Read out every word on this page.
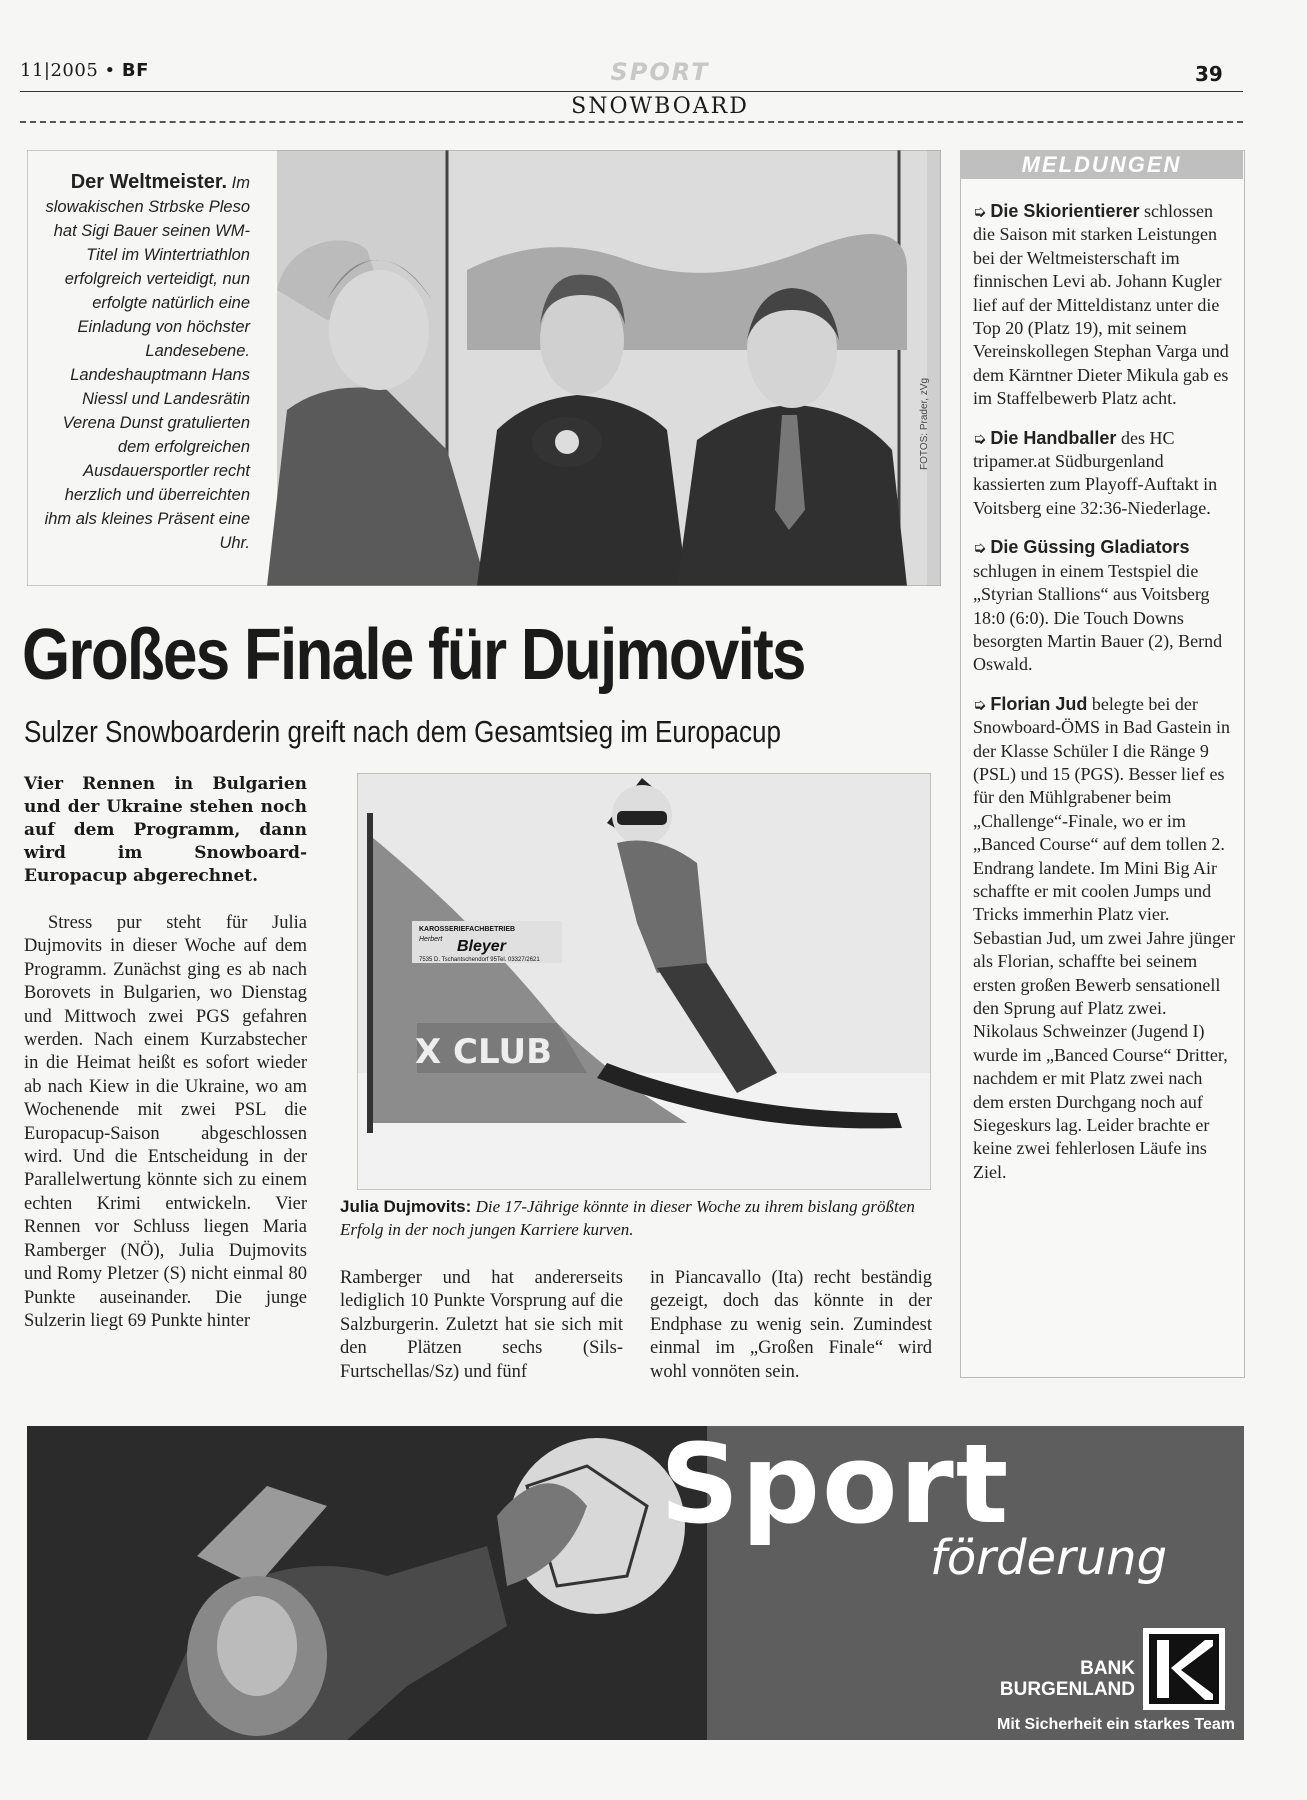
11|2005 • BF	SPORT	39
SNOWBOARD
Der Weltmeister. Im slowakischen Strbske Pleso hat Sigi Bauer seinen WM-Titel im Wintertriathlon erfolgreich verteidigt, nun erfolgte natürlich eine Einladung von höchster Landesebene. Landeshauptmann Hans Niessl und Landesrätin Verena Dunst gratulierten dem erfolgreichen Ausdauersportler recht herzlich und überreichten ihm als kleines Präsent eine Uhr.
FOTOS: Prader, zVg
Großes Finale für Dujmovits
Sulzer Snowboarderin greift nach dem Gesamtsieg im Europacup
Vier Rennen in Bulgarien und der Ukraine stehen noch auf dem Programm, dann wird im Snowboard-Europacup abgerechnet.
Stress pur steht für Julia Dujmovits in dieser Woche auf dem Programm. Zunächst ging es ab nach Borovets in Bulgarien, wo Dienstag und Mittwoch zwei PGS gefahren werden. Nach einem Kurzabstecher in die Heimat heißt es sofort wieder ab nach Kiew in die Ukraine, wo am Wochenende mit zwei PSL die Europacup-Saison abgeschlossen wird. Und die Entscheidung in der Parallelwertung könnte sich zu einem echten Krimi entwickeln. Vier Rennen vor Schluss liegen Maria Ramberger (NÖ), Julia Dujmovits und Romy Pletzer (S) nicht einmal 80 Punkte auseinander. Die junge Sulzerin liegt 69 Punkte hinter
Ramberger und hat andererseits lediglich 10 Punkte Vorsprung auf die Salzburgerin. Zuletzt hat sie sich mit den Plätzen sechs (Sils-Furtschellas/Sz) und fünf
in Piancavallo (Ita) recht beständig gezeigt, doch das könnte in der Endphase zu wenig sein. Zumindest einmal im „Großen Finale“ wird wohl vonnöten sein.
KAROSSERIEFACHBETRIEB
Herbert Bleyer
7535 D. Tschantschendorf 95 Tel. 03327/2621
X CLUB
Julia Dujmovits: Die 17-Jährige könnte in dieser Woche zu ihrem bislang größten Erfolg in der noch jungen Karriere kurven.
MELDUNGEN

➭ Die Skiorientierer schlossen die Saison mit starken Leistungen bei der Weltmeisterschaft im finnischen Levi ab. Johann Kugler lief auf der Mitteldistanz unter die Top 20 (Platz 19), mit seinem Vereinskollegen Stephan Varga und dem Kärntner Dieter Mikula gab es im Staffelbewerb Platz acht.

➭ Die Handballer des HC tripamer.at Südburgenland kassierten zum Playoff-Auftakt in Voitsberg eine 32:36-Niederlage.

➭ Die Güssing Gladiators schlugen in einem Testspiel die „Styrian Stallions“ aus Voitsberg 18:0 (6:0). Die Touch Downs besorgten Martin Bauer (2), Bernd Oswald.

➭ Florian Jud belegte bei der Snowboard-ÖMS in Bad Gastein in der Klasse Schüler I die Ränge 9 (PSL) und 15 (PGS). Besser lief es für den Mühlgrabener beim „Challenge“-Finale, wo er im „Banced Course“ auf dem tollen 2. Endrang landete. Im Mini Big Air schaffte er mit coolen Jumps und Tricks immerhin Platz vier. Sebastian Jud, um zwei Jahre jünger als Florian, schaffte bei seinem ersten großen Bewerb sensationell den Sprung auf Platz zwei. Nikolaus Schweinzer (Jugend I) wurde im „Banced Course“ Dritter, nachdem er mit Platz zwei nach dem ersten Durchgang noch auf Siegeskurs lag. Leider brachte er keine zwei fehlerlosen Läufe ins Ziel.

Sport
förderung
BANK
BURGENLAND
Mit Sicherheit ein starkes Team
